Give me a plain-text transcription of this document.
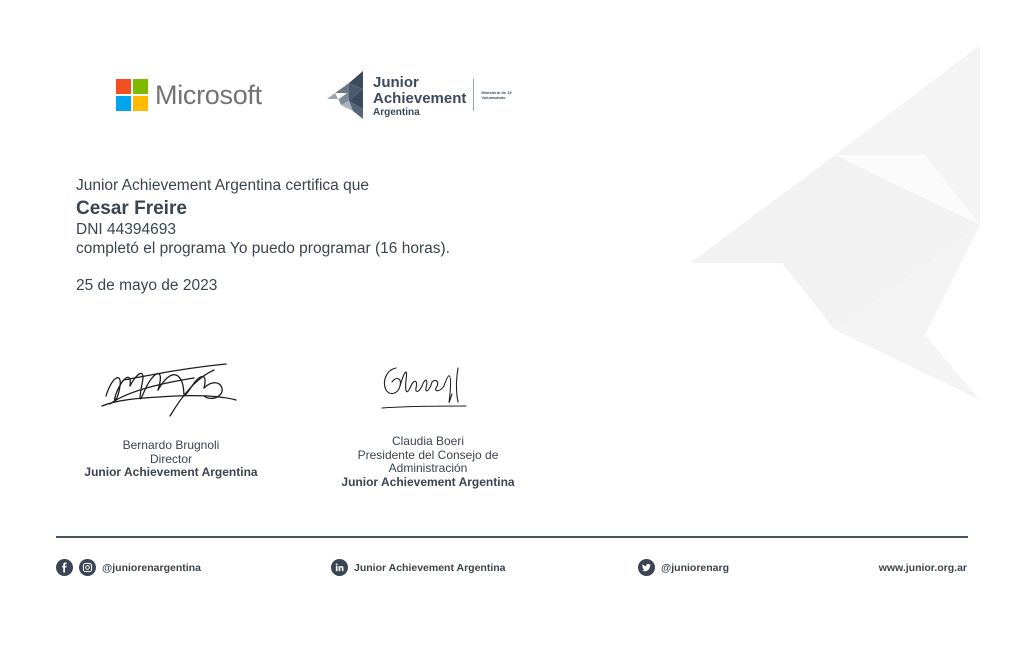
Microsoft	Junior
Achievement
Argentina
Ministerio de 15 Voluntariado
Junior Achievement Argentina certifica que
Cesar Freire
DNI 44394693
completó el programa Yo puedo programar (16 horas).
25 de mayo de 2023
Bernardo Brugnoli
Director
Junior Achievement Argentina
Claudia Boeri
Presidente del Consejo de Administración
Junior Achievement Argentina
@juniorenargentina	Junior Achievement Argentina	@juniorenarg	www.junior.org.ar
